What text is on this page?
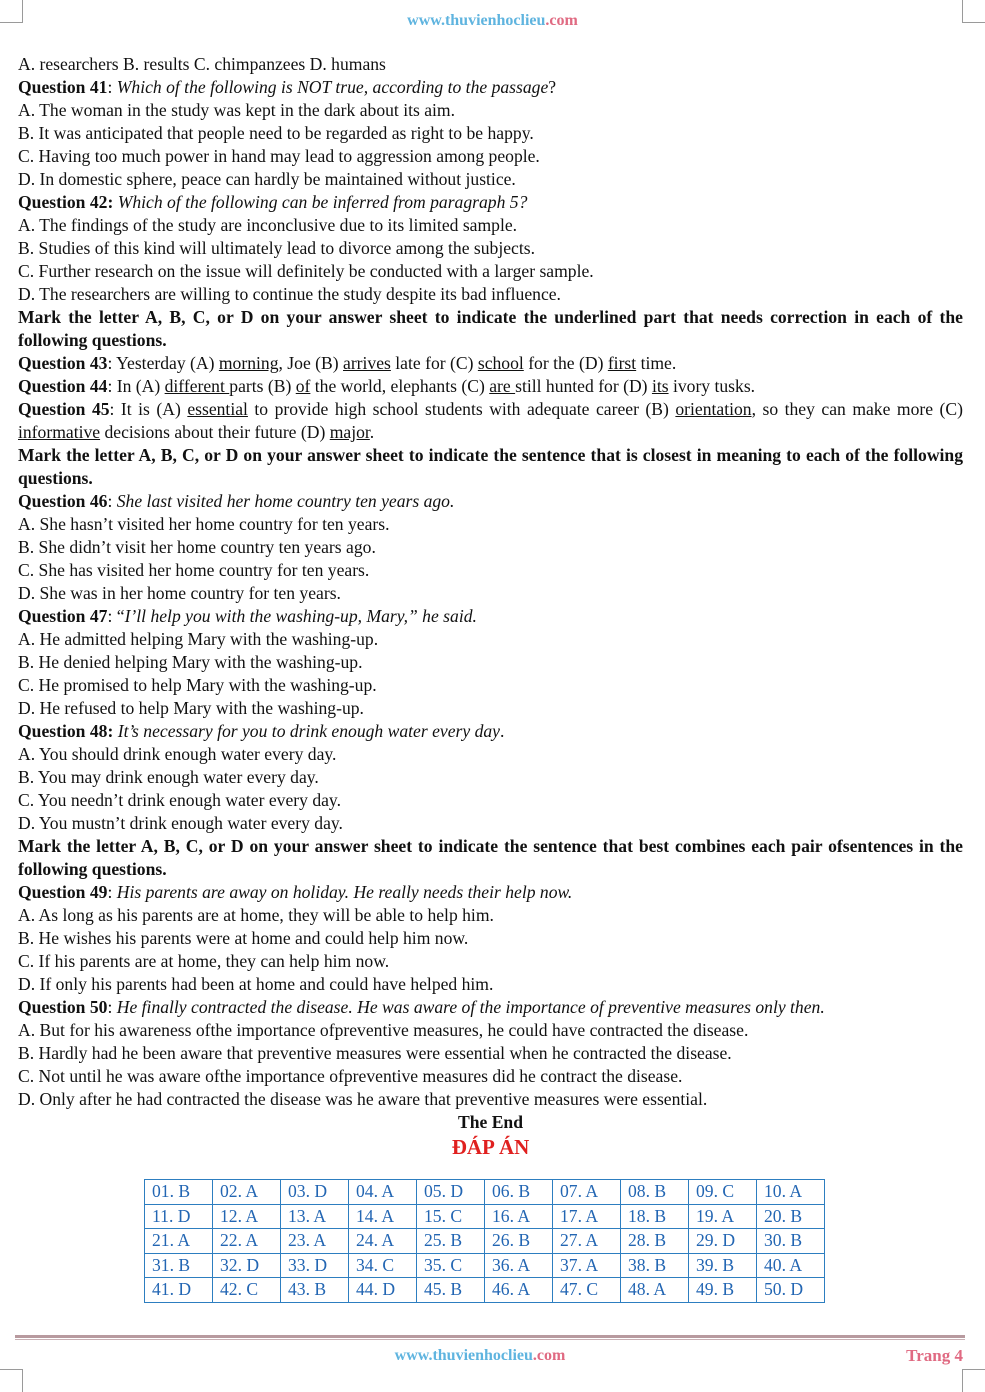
www.thuvienhoclieu.com
A. researchers B. results C. chimpanzees D. humans
Question 41: Which of the following is NOT true, according to the passage?
A. The woman in the study was kept in the dark about its aim.
B. It was anticipated that people need to be regarded as right to be happy.
C. Having too much power in hand may lead to aggression among people.
D. In domestic sphere, peace can hardly be maintained without justice.
Question 42: Which of the following can be inferred from paragraph 5?
A. The findings of the study are inconclusive due to its limited sample.
B. Studies of this kind will ultimately lead to divorce among the subjects.
C. Further research on the issue will definitely be conducted with a larger sample.
D. The researchers are willing to continue the study despite its bad influence.
Mark the letter A, B, C, or D on your answer sheet to indicate the underlined part that needs correction in each of the following questions.
Question 43: Yesterday (A) morning, Joe (B) arrives late for (C) school for the (D) first time.
Question 44: In (A) different parts (B) of the world, elephants (C) are still hunted for (D) its ivory tusks.
Question 45: It is (A) essential to provide high school students with adequate career (B) orientation, so they can make more (C) informative decisions about their future (D) major.
Mark the letter A, B, C, or D on your answer sheet to indicate the sentence that is closest in meaning to each of the following questions.
Question 46: She last visited her home country ten years ago.
A. She hasn’t visited her home country for ten years.
B. She didn’t visit her home country ten years ago.
C. She has visited her home country for ten years.
D. She was in her home country for ten years.
Question 47: “I’ll help you with the washing-up, Mary,” he said.
A. He admitted helping Mary with the washing-up.
B. He denied helping Mary with the washing-up.
C. He promised to help Mary with the washing-up.
D. He refused to help Mary with the washing-up.
Question 48: It’s necessary for you to drink enough water every day.
A. You should drink enough water every day.
B. You may drink enough water every day.
C. You needn’t drink enough water every day.
D. You mustn’t drink enough water every day.
Mark the letter A, B, C, or D on your answer sheet to indicate the sentence that best combines each pair ofsentences in the following questions.
Question 49: His parents are away on holiday. He really needs their help now.
A. As long as his parents are at home, they will be able to help him.
B. He wishes his parents were at home and could help him now.
C. If his parents are at home, they can help him now.
D. If only his parents had been at home and could have helped him.
Question 50: He finally contracted the disease. He was aware of the importance of preventive measures only then.
A. But for his awareness ofthe importance ofpreventive measures, he could have contracted the disease.
B. Hardly had he been aware that preventive measures were essential when he contracted the disease.
C. Not until he was aware ofthe importance ofpreventive measures did he contract the disease.
D. Only after he had contracted the disease was he aware that preventive measures were essential.
The End
ĐÁP ÁN
01. B	02. A	03. D	04. A	05. D	06. B	07. A	08. B	09. C	10. A
11. D	12. A	13. A	14. A	15. C	16. A	17. A	18. B	19. A	20. B
21. A	22. A	23. A	24. A	25. B	26. B	27. A	28. B	29. D	30. B
31. B	32. D	33. D	34. C	35. C	36. A	37. A	38. B	39. B	40. A
41. D	42. C	43. B	44. D	45. B	46. A	47. C	48. A	49. B	50. D
www.thuvienhoclieu.com	Trang 4
